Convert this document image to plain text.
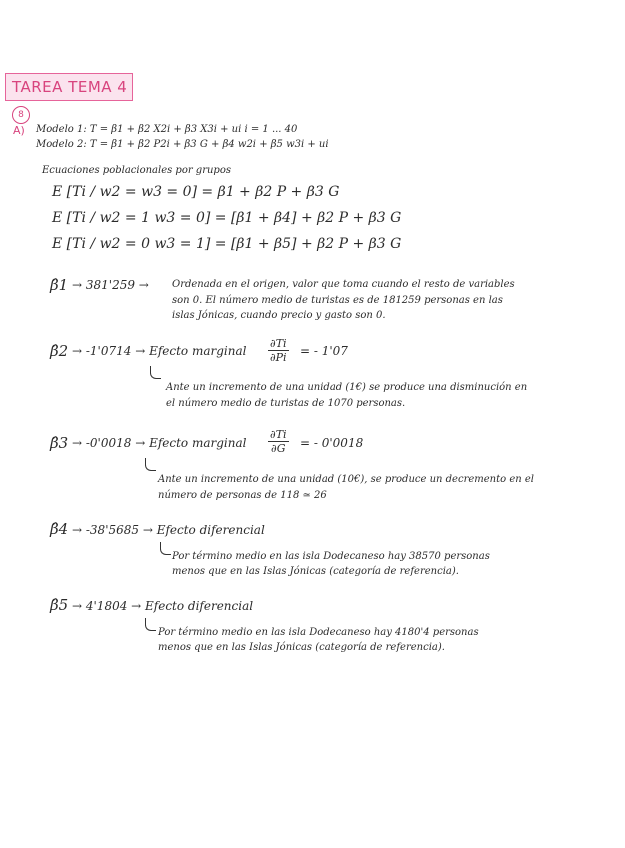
TAREA TEMA 4
8
A) Modelo 1: T = β1 + β2 X2i + β3 X3i + ui i = 1 ... 40
Modelo 2: T = β1 + β2 P2i + β3 G + β4 w2i + β5 w3i + ui
Ecuaciones poblacionales por grupos
E [Ti / w2 = w3 = 0] = β1 + β2 P + β3 G
E [Ti / w2 = 1 w3 = 0] = [β1 + β4] + β2 P + β3 G
E [Ti / w2 = 0 w3 = 1] = [β1 + β5] + β2 P + β3 G
β̂1 → 381'259 → Ordenada en el origen, valor que toma cuando el resto de variables
son 0. El número medio de turistas es de 181259 personas en las
islas Jónicas, cuando precio y gasto son 0.
β̂2 → -1'0714 → Efecto marginal $\frac{\partial Ti}{\partial Pi}$ = - 1'07
Ante un incremento de una unidad (1€) se produce una disminución en
el número medio de turistas de 1070 personas.
β̂3 → -0'0018 → Efecto marginal $\frac{\partial Ti}{\partial G}$ = - 0'0018
Ante un incremento de una unidad (10€), se produce un decremento en el
número de personas de 118 ≃ 26
β̂4 → -38'5685 → Efecto diferencial
Por término medio en las isla Dodecaneso hay 38570 personas
menos que en las Islas Jónicas (categoría de referencia).
β̂5 → 4'1804 → Efecto diferencial
Por término medio en las isla Dodecaneso hay 4180'4 personas
menos que en las Islas Jónicas (categoría de referencia).
